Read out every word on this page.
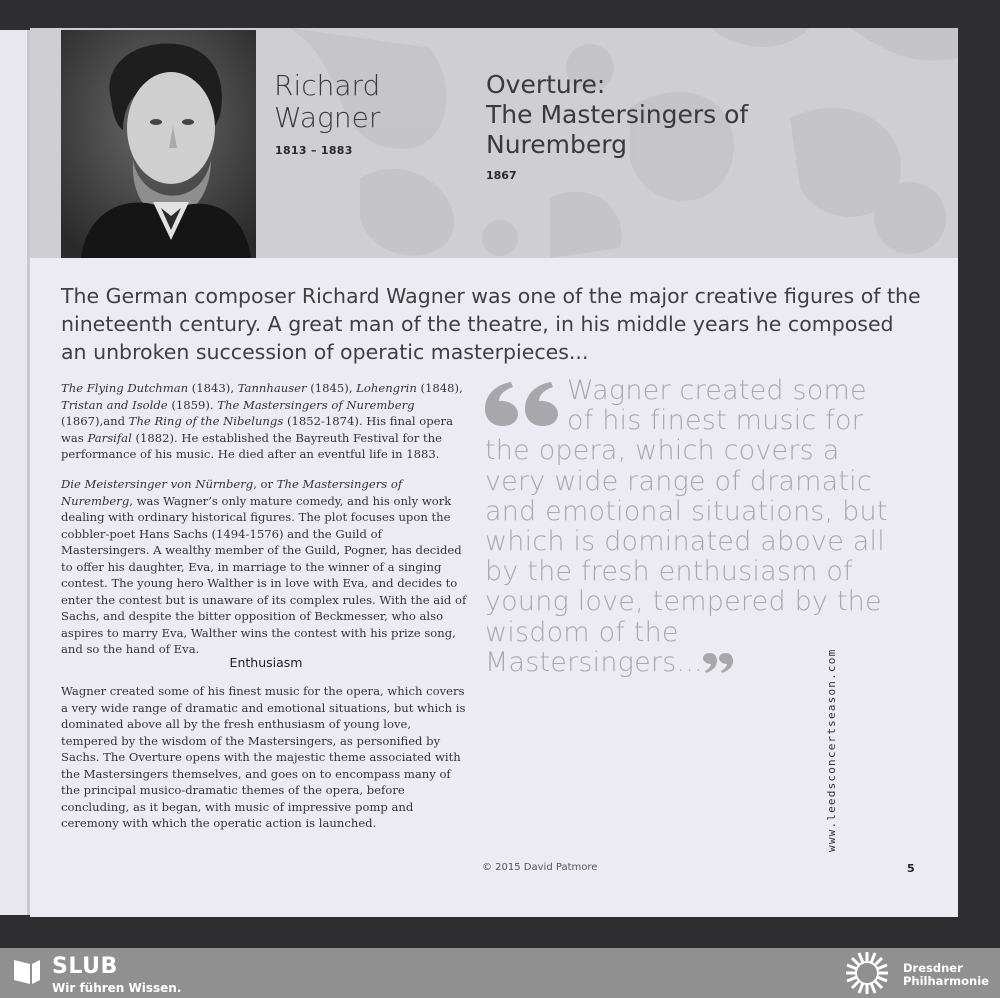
Richard
Wagner
1813 – 1883
Overture:
The Mastersingers of
Nuremberg
1867

The German composer Richard Wagner was one of the major creative figures of the nineteenth century. A great man of the theatre, in his middle years he composed an unbroken succession of operatic masterpieces...

The Flying Dutchman (1843), Tannhauser (1845), Lohengrin (1848), Tristan and Isolde (1859). The Mastersingers of Nuremberg (1867),and The Ring of the Nibelungs (1852-1874). His final opera was Parsifal (1882). He established the Bayreuth Festival for the performance of his music. He died after an eventful life in 1883.

Die Meistersinger von Nürnberg, or The Mastersingers of Nuremberg, was Wagner’s only mature comedy, and his only work dealing with ordinary historical figures. The plot focuses upon the cobbler-poet Hans Sachs (1494-1576) and the Guild of Mastersingers. A wealthy member of the Guild, Pogner, has decided to offer his daughter, Eva, in marriage to the winner of a singing contest. The young hero Walther is in love with Eva, and decides to enter the contest but is unaware of its complex rules. With the aid of Sachs, and despite the bitter opposition of Beckmesser, who also aspires to marry Eva, Walther wins the contest with his prize song, and so the hand of Eva.

Enthusiasm

Wagner created some of his finest music for the opera, which covers a very wide range of dramatic and emotional situations, but which is dominated above all by the fresh enthusiasm of young love, tempered by the wisdom of the Mastersingers, as personified by Sachs. The Overture opens with the majestic theme associated with the Mastersingers themselves, and goes on to encompass many of the principal musico-dramatic themes of the opera, before concluding, as it began, with music of impressive pomp and ceremony with which the operatic action is launched.

Wagner created some of his finest music for the opera, which covers a very wide range of dramatic and emotional situations, but which is dominated above all by the fresh enthusiasm of young love, tempered by the wisdom of the Mastersingers...	www.leedsconcertseason.com
© 2015 David Patmore	5
SLUB
Wir führen Wissen.
Dresdner
Philharmonie
